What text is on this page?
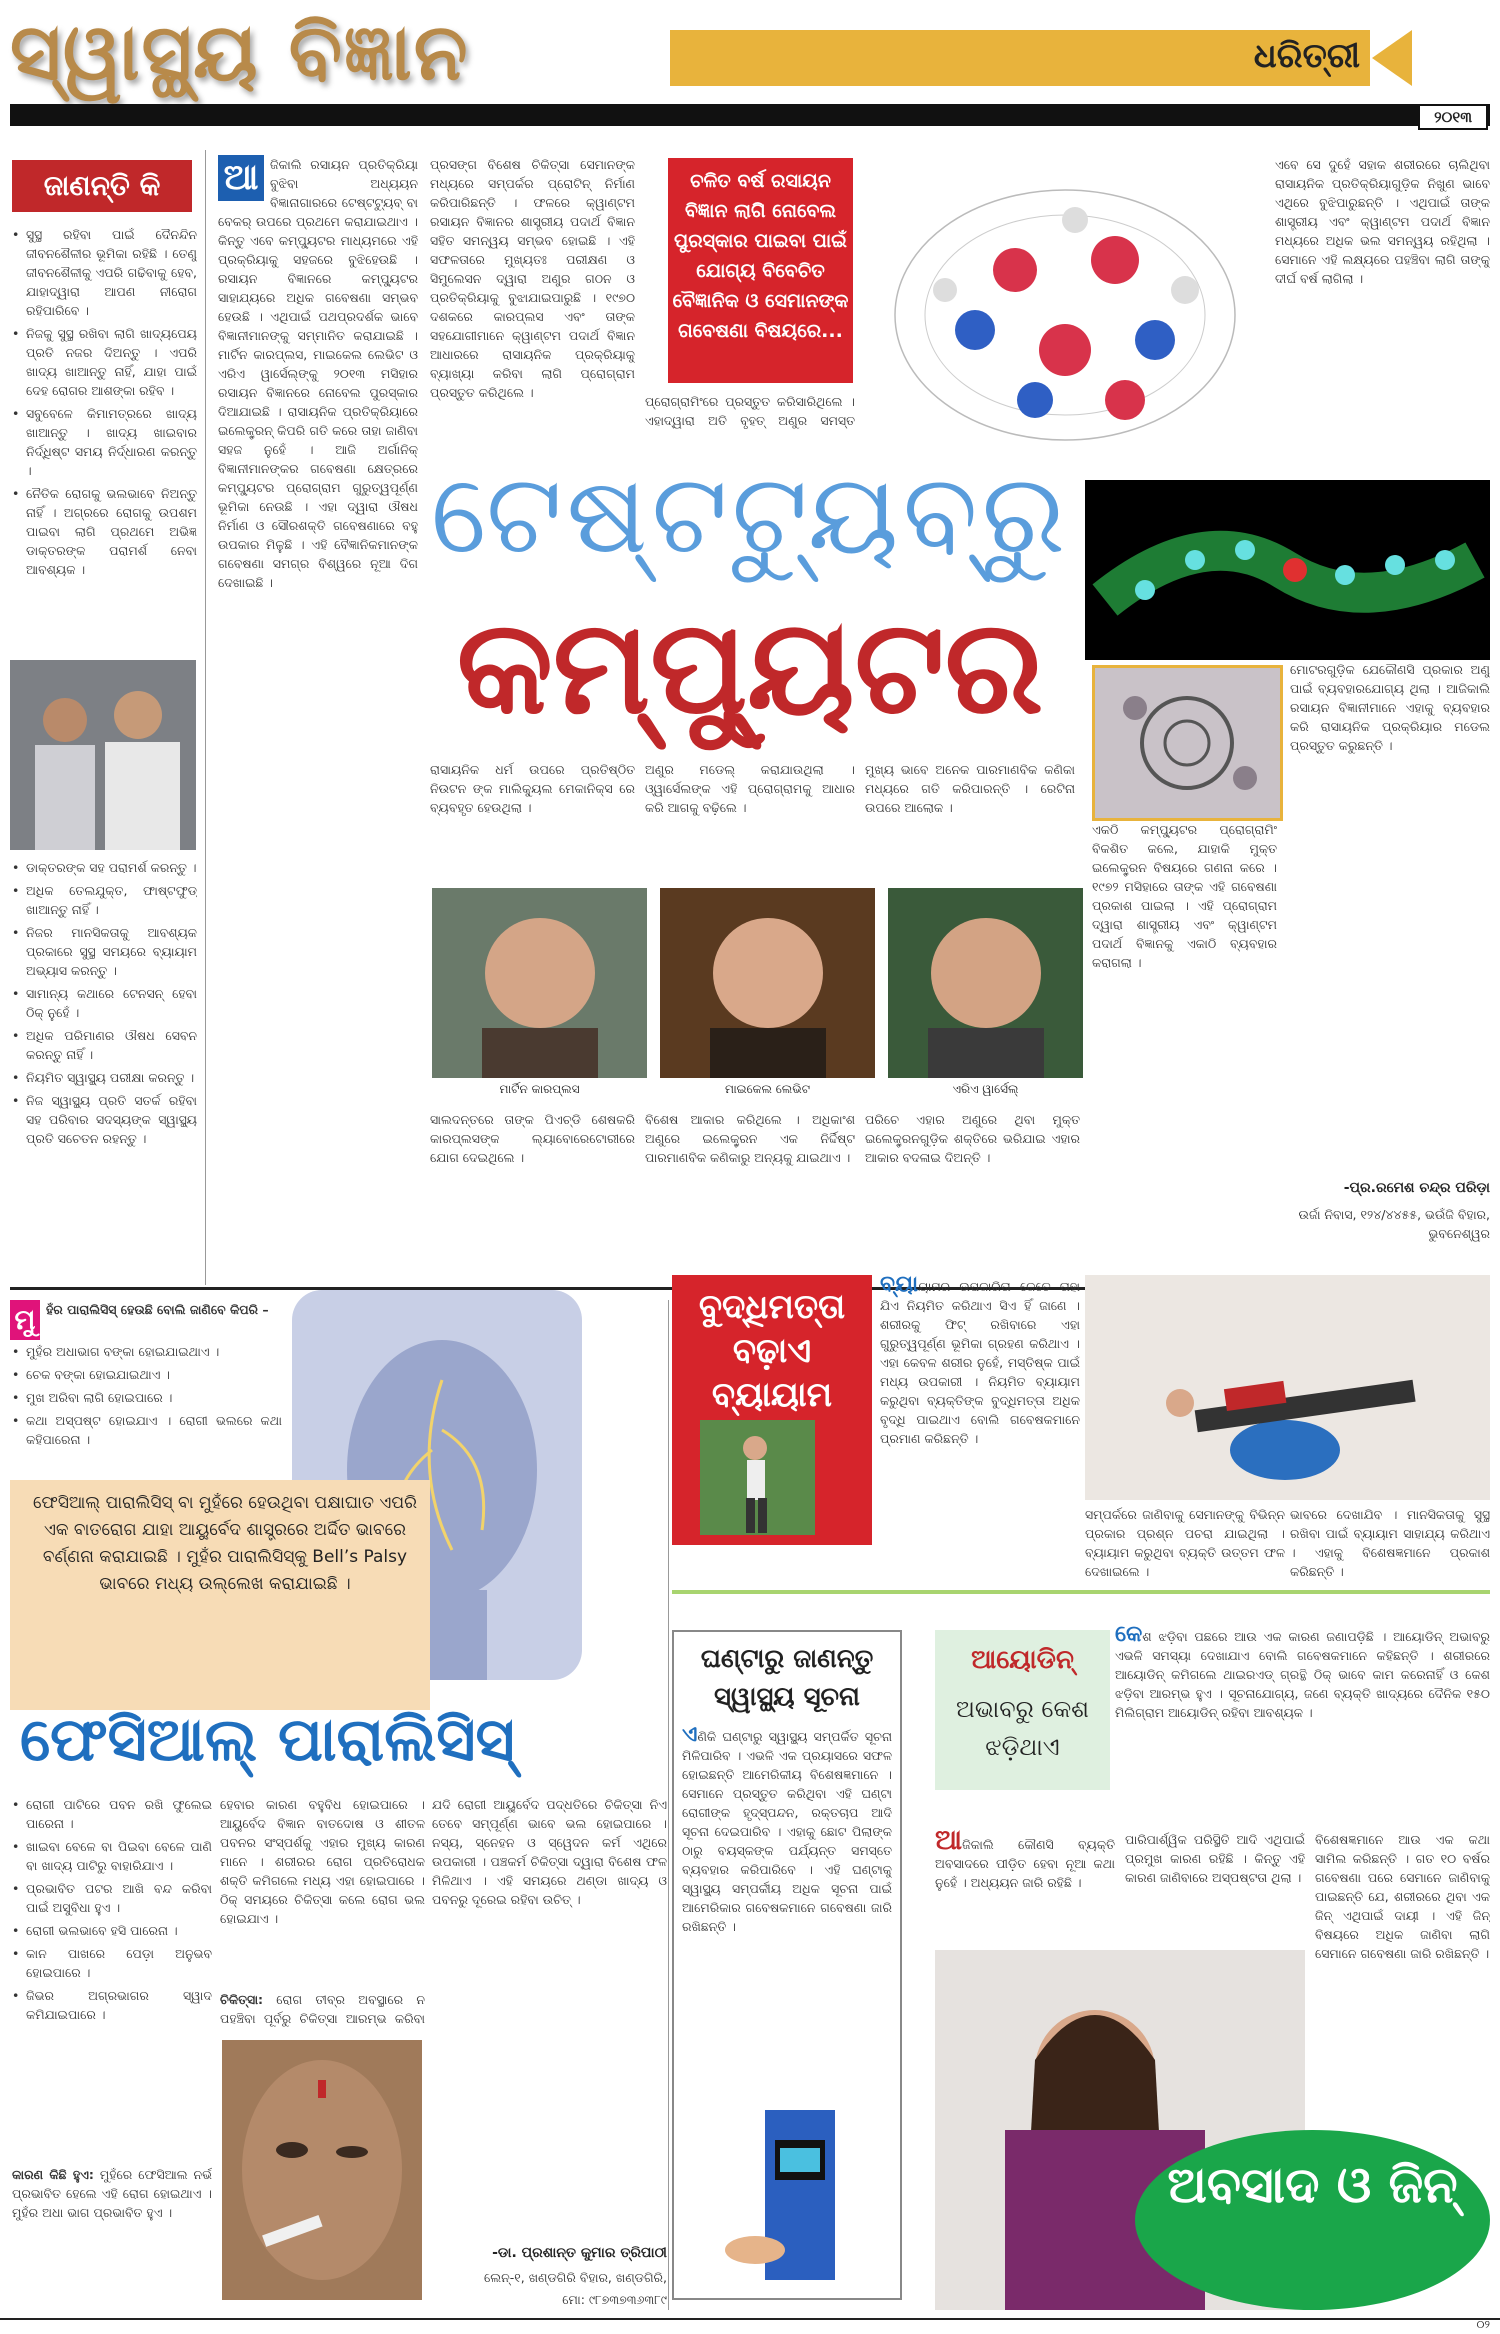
ସ୍ୱାସ୍ଥ୍ୟ ବିଜ୍ଞାନ	ଧରିତ୍ରୀ
୨୦୧୩
ଜାଣନ୍ତି କି
• ସୁସ୍ଥ ରହିବା ପାଇଁ ଦୈନନ୍ଦିନ ଜୀବନଶୈଳୀର ଭୂମିକା ରହିଛି । ତେଣୁ ଜୀବନଶୈଳୀକୁ ଏପରି ଗଢିବାକୁ ହେବ, ଯାହାଦ୍ୱାରା ଆପଣ ନୀରୋଗ ରହିପାରିବେ ।
• ନିଜକୁ ସୁସ୍ଥ ରଖିବା ଲାଗି ଖାଦ୍ୟପେୟ ପ୍ରତି ନଜର ଦିଅନ୍ତୁ । ଏପରି ଖାଦ୍ୟ ଖାଆନ୍ତୁ ନାହିଁ, ଯାହା ପାଇଁ ଦେହ ରୋଗର ଆଶଙ୍କା ରହିବ ।
• ସବୁବେଳେ କିମାମତ୍ରରେ ଖାଦ୍ୟ ଖାଆନ୍ତୁ । ଖାଦ୍ୟ ଖାଇବାର ନିର୍ଦ୍ଧିଷ୍ଟ ସମୟ ନିର୍ଦ୍ଧାରଣ କରନ୍ତୁ ।
• ନୈତିକ ରୋଗକୁ ଭଲଭାବେ ନିଅନ୍ତୁ ନାହିଁ । ଅଗ୍ରରେ ରୋଗକୁ ଉପଶମ ପାଇବା ଲାଗି ପ୍ରଥମେ ଅଭିଜ୍ଞ ଡାକ୍ତରଙ୍କ ପରାମର୍ଶ ନେବା ଆବଶ୍ୟକ ।
• ଡାକ୍ତରଙ୍କ ସହ ପରାମର୍ଶ କରନ୍ତୁ ।
• ଅଧିକ ତେଲଯୁକ୍ତ, ଫାଷ୍ଟଫୁଡ୍ ଖାଆନ୍ତୁ ନାହିଁ ।
• ନିଜର ମାନସିକତାକୁ ଆବଶ୍ୟକ ପ୍ରକାରେ ସୁସ୍ଥ ସମୟରେ ବ୍ୟାୟାମ ଅଭ୍ୟାସ କରନ୍ତୁ ।
• ସାମାନ୍ୟ କଥାରେ ଟେନସନ୍ ହେବା ଠିକ୍ ନୁହେଁ ।
• ଅଧିକ ପରିମାଣର ଔଷଧ ସେବନ କରନ୍ତୁ ନାହିଁ ।
• ନିୟମିତ ସ୍ୱାସ୍ଥ୍ୟ ପରୀକ୍ଷା କରନ୍ତୁ ।
• ନିଜ ସ୍ୱାସ୍ଥ୍ୟ ପ୍ରତି ସତର୍କ ରହିବା ସହ ପରିବାର ସଦସ୍ୟଙ୍କ ସ୍ୱାସ୍ଥ୍ୟ ପ୍ରତି ସଚେତନ ରହନ୍ତୁ ।
ଆ ଜିକାଲି ରସାୟନ ପ୍ରତିକ୍ରିୟା ବୁଝିବା ଅଧ୍ୟୟନ ବିଜ୍ଞାନାଗାରରେ ଟେଷ୍ଟଟ୍ୟୁବ୍ ବା ବେକର୍ ଉପରେ ପ୍ରଥମେ କରାଯାଇଥାଏ । କିନ୍ତୁ ଏବେ କମ୍ପ୍ୟୁଟର ମାଧ୍ୟମରେ ଏହି ପ୍ରକ୍ରିୟାକୁ ସହଜରେ ବୁଝିହେଉଛି । ରସାୟନ ବିଜ୍ଞାନରେ କମ୍ପ୍ୟୁଟର ସାହାଯ୍ୟରେ ଅଧିକ ଗବେଷଣା ସମ୍ଭବ ହେଉଛି । ଏଥିପାଇଁ ପଥପ୍ରଦର୍ଶକ ଭାବେ ବିଜ୍ଞାନୀମାନଙ୍କୁ ସମ୍ମାନିତ କରାଯାଇଛି । ମାର୍ଟିନ କାରପ୍ଲସ, ମାଇକେଲ ଲେଭିଟ ଓ ଏରିଏ ୱାର୍ସେଲ୍‌ଙ୍କୁ ୨୦୧୩ ମସିହାର ରସାୟନ ବିଜ୍ଞାନରେ ନୋବେଲ ପୁରସ୍କାର ଦିଆଯାଇଛି । ରାସାୟନିକ ପ୍ରତିକ୍ରିୟାରେ ଇଲେକ୍ଟ୍ରନ୍ କିପରି ଗତି କରେ ତାହା ଜାଣିବା ସହଜ ନୁହେଁ । ଆଜି ଅର୍ଗାନିକ୍ ବିଜ୍ଞାନୀମାନଙ୍କର ଗବେଷଣା କ୍ଷେତ୍ରରେ କମ୍ପ୍ୟୁଟର ପ୍ରୋଗ୍ରାମ ଗୁରୁତ୍ୱପୂର୍ଣ୍ଣ ଭୂମିକା ନେଉଛି । ଏହା ଦ୍ୱାରା ଔଷଧ ନିର୍ମାଣ ଓ ସୌରଶକ୍ତି ଗବେଷଣାରେ ବହୁ ଉପକାର ମିଳୁଛି । ଏହି ବୈଜ୍ଞାନିକମାନଙ୍କ ଗବେଷଣା ସମଗ୍ର ବିଶ୍ୱରେ ନୂଆ ଦିଗ ଦେଖାଇଛି ।
ପ୍ରସଙ୍ଗ ବିଶେଷ ଚିକିତ୍ସା ସେମାନଙ୍କ ମଧ୍ୟରେ ସମ୍ପର୍କର ପ୍ରୋଟିନ୍ ନିର୍ମାଣ କରିପାରିଛନ୍ତି । ଫଳରେ କ୍ୱାଣ୍ଟମ ରସାୟନ ବିଜ୍ଞାନର ଶାସ୍ତ୍ରୀୟ ପଦାର୍ଥ ବିଜ୍ଞାନ ସହିତ ସମନ୍ୱୟ ସମ୍ଭବ ହୋଇଛି । ଏହି ସଫଳତାରେ ମୁଖ୍ୟତଃ ପରୀକ୍ଷଣ ଓ ସିମୁଲେସନ ଦ୍ୱାରା ଅଣୁର ଗଠନ ଓ ପ୍ରତିକ୍ରିୟାକୁ ବୁଝାଯାଇପାରୁଛି । ୧୯୭୦ ଦଶକରେ କାରପ୍ଲସ ଏବଂ ତାଙ୍କ ସହଯୋଗୀମାନେ କ୍ୱାଣ୍ଟମ ପଦାର୍ଥ ବିଜ୍ଞାନ ଆଧାରରେ ରାସାୟନିକ ପ୍ରକ୍ରିୟାକୁ ବ୍ୟାଖ୍ୟା କରିବା ଲାଗି ପ୍ରୋଗ୍ରାମ ପ୍ରସ୍ତୁତ କରିଥିଲେ ।
ଚଳିତ ବର୍ଷ ରସାୟନ ବିଜ୍ଞାନ ଲାଗି ନୋବେଲ ପୁରସ୍କାର ପାଇବା ପାଇଁ ଯୋଗ୍ୟ ବିବେଚିତ ବୈଜ୍ଞାନିକ ଓ ସେମାନଙ୍କ ଗବେଷଣା ବିଷୟରେ...
ପ୍ରୋଗ୍ରାମିଂରେ ପ୍ରସ୍ତୁତ କରିସାରିଥିଲେ । ଏହାଦ୍ୱାରା ଅତି ବୃହତ୍ ଅଣୁର ସମସ୍ତ
ଏବେ ସେ ଦୁହେଁ ସହାକ ଶରୀରରେ ଚାଲିଥିବା ରାସାୟନିକ ପ୍ରତିକ୍ରିୟାଗୁଡ଼ିକ ନିଖୁଣ ଭାବେ ଏଥିରେ ବୁଝିପାରୁଛନ୍ତି । ଏଥିପାଇଁ ତାଙ୍କ ଶାସ୍ତ୍ରୀୟ ଏବଂ କ୍ୱାଣ୍ଟମ ପଦାର୍ଥ ବିଜ୍ଞାନ ମଧ୍ୟରେ ଅଧିକ ଭଲ ସମନ୍ୱୟ ରହିଥିଲା । ସେମାନେ ଏହି ଲକ୍ଷ୍ୟରେ ପହଞ୍ଚିବା ଲାଗି ତାଙ୍କୁ ଦୀର୍ଘ ବର୍ଷ ଲାଗିଲା ।
ଟେଷ୍ଟଟ୍ୟୁବ୍‌ରୁ
କମ୍ପ୍ୟୁଟର
ଏକଠି କମ୍ପ୍ୟୁଟର ପ୍ରୋଗ୍ରାମିଂ ବିକଶିତ କଲେ, ଯାହାକି ମୁକ୍ତ ଇଲେକ୍ଟ୍ରନ ବିଷୟରେ ଗଣନା କରେ । ୧୯୭୨ ମସିହାରେ ତାଙ୍କ ଏହି ଗବେଷଣା ପ୍ରକାଶ ପାଇଲା । ଏହି ପ୍ରୋଗ୍ରାମ ଦ୍ୱାରା ଶାସ୍ତ୍ରୀୟ ଏବଂ କ୍ୱାଣ୍ଟମ ପଦାର୍ଥ ବିଜ୍ଞାନକୁ ଏକାଠି ବ୍ୟବହାର କରାଗଲା ।
ମୋଟରଗୁଡ଼ିକ ଯେକୌଣସି ପ୍ରକାର ଅଣୁ ପାଇଁ ବ୍ୟବହାରଯୋଗ୍ୟ ଥିଲା । ଆଜିକାଲି ରସାୟନ ବିଜ୍ଞାନୀମାନେ ଏହାକୁ ବ୍ୟବହାର କରି ରାସାୟନିକ ପ୍ରକ୍ରିୟାର ମଡେଲ ପ୍ରସ୍ତୁତ କରୁଛନ୍ତି ।
-ପ୍ର.ରମେଶ ଚନ୍ଦ୍ର ପରିଡ଼ା
ଉର୍ଜା ନିବାସ, ୧୨୪/୪୪୫୫, ଭଉଁଜି ବିହାର, ଭୁବନେଶ୍ୱର
ରାସାୟନିକ ଧର୍ମ ଉପରେ ପ୍ରତିଷ୍ଠିତ ନିଉଟନ ଙ୍କ ମାଲିକ୍ୟୁଲ ମେକାନିକ୍ସ ରେ ବ୍ୟବହୃତ ହେଉଥିଲା ।
ଅଣୁର ମଡେଲ୍ କରାଯାଉଥିଲା । ଓ୍ୱାର୍ସେଲଙ୍କ ଏହି ପ୍ରୋଗ୍ରାମକୁ ଆଧାର କରି ଆଗକୁ ବଢ଼ିଲେ ।
ମୁଖ୍ୟ ଭାବେ ଅନେକ ପାରମାଣବିକ କଣିକା ମଧ୍ୟରେ ଗତି କରିପାରନ୍ତି । ରେଟିନା ଉପରେ ଆଲୋକ ।
ମାର୍ଟିନ କାରପ୍ଲସ	ମାଇକେଲ ଲେଭିଟ	ଏରିଏ ୱାର୍ସେଲ୍
ସାଲଦନ୍ତରେ ତାଙ୍କ ପିଏଚ୍‌ଡି ଶେଷକରି କାରପ୍ଲସଙ୍କ ଲ୍ୟାବୋରେଟୋରୀରେ ଯୋଗ ଦେଇଥିଲେ ।
ବିଶେଷ ଆକାର କରିଥିଲେ । ଅଧିକାଂଶ ଅଣୁରେ ଇଲେକ୍ଟ୍ରନ ଏକ ନିର୍ଦ୍ଦିଷ୍ଟ ପାରମାଣବିକ କଣିକାରୁ ଅନ୍ୟକୁ ଯାଇଥାଏ ।
ପରିଚେ ଏହାର ଅଣୁରେ ଥିବା ମୁକ୍ତ ଇଲେକ୍ଟ୍ରନଗୁଡ଼ିକ ଶକ୍ତିରେ ଭରିଯାଇ ଏହାର ଆକାର ବଦଳାଇ ଦିଅନ୍ତି ।
ମୁ ହଁର ପାରାଲିସିସ୍ ହେଉଛି ବୋଲି ଜାଣିବେ କିପରି –
• ମୁହଁର ଅଧାଭାଗ ବଙ୍କା ହୋଇଯାଇଥାଏ ।
• ଚେକ ବଙ୍କା ହୋଇଯାଇଥାଏ ।
• ମୁଖ ଅରିବା ଲାଗି ହୋଇପାରେ ।
• କଥା ଅସ୍ପଷ୍ଟ ହୋଇଯାଏ । ରୋଗୀ ଭଲରେ କଥା କହିପାରେନା ।
ଫେସିଆଲ୍ ପାରାଲିସିସ୍ ବା ମୁହଁରେ ହେଉଥିବା ପକ୍ଷାଘାତ ଏପରି ଏକ ବାତରୋଗ ଯାହା ଆୟୁର୍ବେଦ ଶାସ୍ତ୍ରରେ ଅର୍ଦ୍ଦିତ ଭାବରେ ବର୍ଣ୍ଣନା କରାଯାଇଛି । ମୁହଁର ପାରାଲିସିସ୍‌କୁ Bell’s Palsy ଭାବରେ ମଧ୍ୟ ଉଲ୍ଲେଖ କରାଯାଇଛି ।
ଫେସିଆଲ୍ ପାରାଲିସିସ୍
• ରୋଗୀ ପାଟିରେ ପବନ ରଖି ଫୁଲେଇ ପାରେନା ।
• ଖାଇବା ବେଳେ ବା ପିଇବା ବେଳେ ପାଣି ବା ଖାଦ୍ୟ ପାଟିରୁ ବାହାରିଯାଏ ।
• ପ୍ରଭାବିତ ପଟର ଆଖି ବନ୍ଦ କରିବା ପାଇଁ ଅସୁବିଧା ହୁଏ ।
• ରୋଗୀ ଭଲଭାବେ ହସି ପାରେନା ।
• କାନ ପାଖରେ ପେଡ଼ା ଅନୁଭବ ହୋଇପାରେ ।
• ଜିଭର ଅଗ୍ରଭାଗର ସ୍ୱାଦ କମିଯାଇପାରେ ।
କାରଣ କିଛି ହୁଏ: ମୁହଁରେ ଫେସିଆଲ ନର୍ଭ ପ୍ରଭାବିତ ହେଲେ ଏହି ରୋଗ ହୋଇଥାଏ । ମୁହଁର ଅଧା ଭାଗ ପ୍ରଭାବିତ ହୁଏ ।
ହେବାର କାରଣ ବହୁବିଧ ହୋଇପାରେ । ଆୟୁର୍ବେଦ ବିଜ୍ଞାନ ବାତଦୋଷ ଓ ଶୀତଳ ପବନର ସଂସ୍ପର୍ଶକୁ ଏହାର ମୁଖ୍ୟ କାରଣ ମାନେ । ଶରୀରର ରୋଗ ପ୍ରତିରୋଧକ ଶକ୍ତି କମିଗଲେ ମଧ୍ୟ ଏହା ହୋଇପାରେ । ଠିକ୍ ସମୟରେ ଚିକିତ୍ସା କଲେ ରୋଗ ଭଲ ହୋଇଯାଏ ।
ଚିକିତ୍ସା: ରୋଗ ତୀବ୍ର ଅବସ୍ଥାରେ ନ ପହଞ୍ଚିବା ପୂର୍ବରୁ ଚିକିତ୍ସା ଆରମ୍ଭ କରିବା
ଯଦି ରୋଗୀ ଆୟୁର୍ବେଦ ପଦ୍ଧତିରେ ଚିକିତ୍ସା ନିଏ ତେବେ ସମ୍ପୂର୍ଣ୍ଣ ଭାବେ ଭଲ ହୋଇପାରେ । ନସ୍ୟ, ସ୍ନେହନ ଓ ସ୍ୱେଦନ କର୍ମ ଏଥିରେ ଉପକାରୀ । ପଞ୍ଚକର୍ମ ଚିକିତ୍ସା ଦ୍ୱାରା ବିଶେଷ ଫଳ ମିଳିଥାଏ । ଏହି ସମୟରେ ଥଣ୍ଡା ଖାଦ୍ୟ ଓ ପବନରୁ ଦୂରେଇ ରହିବା ଉଚିତ୍ ।
-ଡା. ପ୍ରଶାନ୍ତ କୁମାର ତ୍ରିପାଠୀ
ଲେନ୍-୧, ଖଣ୍ଡଗିରି ବିହାର, ଖଣ୍ଡଗିରି,
ମୋ: ୯୮୭୩୭୩୬୩୮୯
ବୁଦ୍ଧିମତ୍ତା ବଢ଼ାଏ ବ୍ୟାୟାମ
ବ୍ୟାୟାମର ଉପକାରିତା କେତେ ତାହା ଯିଏ ନିୟମିତ କରିଥାଏ ସିଏ ହିଁ ଜାଣେ । ଶରୀରକୁ ଫିଟ୍ ରଖିବାରେ ଏହା ଗୁରୁତ୍ୱପୂର୍ଣ୍ଣ ଭୂମିକା ଗ୍ରହଣ କରିଥାଏ । ଏହା କେବଳ ଶରୀର ନୁହେଁ, ମସ୍ତିଷ୍କ ପାଇଁ ମଧ୍ୟ ଉପକାରୀ । ନିୟମିତ ବ୍ୟାୟାମ କରୁଥିବା ବ୍ୟକ୍ତିଙ୍କ ବୁଦ୍ଧିମତ୍ତା ଅଧିକ ବୃଦ୍ଧି ପାଇଥାଏ ବୋଲି ଗବେଷକମାନେ ପ୍ରମାଣ କରିଛନ୍ତି ।
ସମ୍ପର୍କରେ ଜାଣିବାକୁ ସେମାନଙ୍କୁ ବିଭିନ୍ନ ପ୍ରକାର ପ୍ରଶ୍ନ ପଚରା ଯାଇଥିଲା । ବ୍ୟାୟାମ କରୁଥିବା ବ୍ୟକ୍ତି ଉତ୍ତମ ଫଳ ଦେଖାଇଲେ ।
ଭାବରେ ଦେଖାଯିବ । ମାନସିକତାକୁ ସୁସ୍ଥ ରଖିବା ପାଇଁ ବ୍ୟାୟାମ ସାହାଯ୍ୟ କରିଥାଏ । ଏହାକୁ ବିଶେଷଜ୍ଞମାନେ ପ୍ରକାଶ କରିଛନ୍ତି ।
ଘଣ୍ଟାରୁ ଜାଣନ୍ତୁ ସ୍ୱାସ୍ଥ୍ୟ ସୂଚନା
ଏଣିକି ଘଣ୍ଟାରୁ ସ୍ୱାସ୍ଥ୍ୟ ସମ୍ପର୍କିତ ସୂଚନା ମିଳିପାରିବ । ଏଭଳି ଏକ ପ୍ରୟାସରେ ସଫଳ ହୋଇଛନ୍ତି ଆମେରିକୀୟ ବିଶେଷଜ୍ଞମାନେ । ସେମାନେ ପ୍ରସ୍ତୁତ କରିଥିବା ଏହି ଘଣ୍ଟା ରୋଗୀଙ୍କ ହୃଦ୍‌ସ୍ପନ୍ଦନ, ରକ୍ତଚାପ ଆଦି ସୂଚନା ଦେଇପାରିବ । ଏହାକୁ ଛୋଟ ପିଲାଙ୍କ ଠାରୁ ବୟସ୍କଙ୍କ ପର୍ଯ୍ୟନ୍ତ ସମସ୍ତେ ବ୍ୟବହାର କରିପାରିବେ । ଏହି ଘଣ୍ଟାକୁ ସ୍ୱାସ୍ଥ୍ୟ ସମ୍ପର୍କୀୟ ଅଧିକ ସୂଚନା ପାଇଁ ଆମେରିକାର ଗବେଷକମାନେ ଗବେଷଣା ଜାରି ରଖିଛନ୍ତି ।
ଆୟୋଡିନ୍
ଅଭାବରୁ କେଶ ଝଡ଼ିଥାଏ
କେଶ ଝଡ଼ିବା ପଛରେ ଆଉ ଏକ କାରଣ ଜଣାପଡ଼ିଛି । ଆୟୋଡିନ୍ ଅଭାବରୁ ଏଭଳି ସମସ୍ୟା ଦେଖାଯାଏ ବୋଲି ଗବେଷକମାନେ କହିଛନ୍ତି । ଶରୀରରେ ଆୟୋଡିନ୍ କମିଗଲେ ଥାଇରଏଡ୍ ଗ୍ରନ୍ଥି ଠିକ୍ ଭାବେ କାମ କରେନାହିଁ ଓ କେଶ ଝଡ଼ିବା ଆରମ୍ଭ ହୁଏ । ସୂଚନାଯୋଗ୍ୟ, ଜଣେ ବ୍ୟକ୍ତି ଖାଦ୍ୟରେ ଦୈନିକ ୧୫୦ ମିଲିଗ୍ରାମ ଆୟୋଡିନ୍ ରହିବା ଆବଶ୍ୟକ ।
ଆଜିକାଲି କୌଣସି ବ୍ୟକ୍ତି ଅବସାଦରେ ପୀଡ଼ିତ ହେବା ନୂଆ କଥା ନୁହେଁ । ଅଧ୍ୟୟନ ଜାରି ରହିଛି ।
ପାରିପାର୍ଶ୍ୱିକ ପରିସ୍ଥିତି ଆଦି ଏଥିପାଇଁ ପ୍ରମୁଖ କାରଣ ରହିଛି । କିନ୍ତୁ ଏହି କାରଣ ଜାଣିବାରେ ଅସ୍ପଷ୍ଟତା ଥିଲା ।
ବିଶେଷଜ୍ଞମାନେ ଆଉ ଏକ କଥା ସାମିଲ କରିଛନ୍ତି । ଗତ ୧୦ ବର୍ଷର ଗବେଷଣା ପରେ ସେମାନେ ଜାଣିବାକୁ ପାଇଛନ୍ତି ଯେ, ଶରୀରରେ ଥିବା ଏକ ଜିନ୍ ଏଥିପାଇଁ ଦାୟୀ । ଏହି ଜିନ୍ ବିଷୟରେ ଅଧିକ ଜାଣିବା ଲାଗି ସେମାନେ ଗବେଷଣା ଜାରି ରଖିଛନ୍ତି ।
ଅବସାଦ ଓ ଜିନ୍
୦୨
